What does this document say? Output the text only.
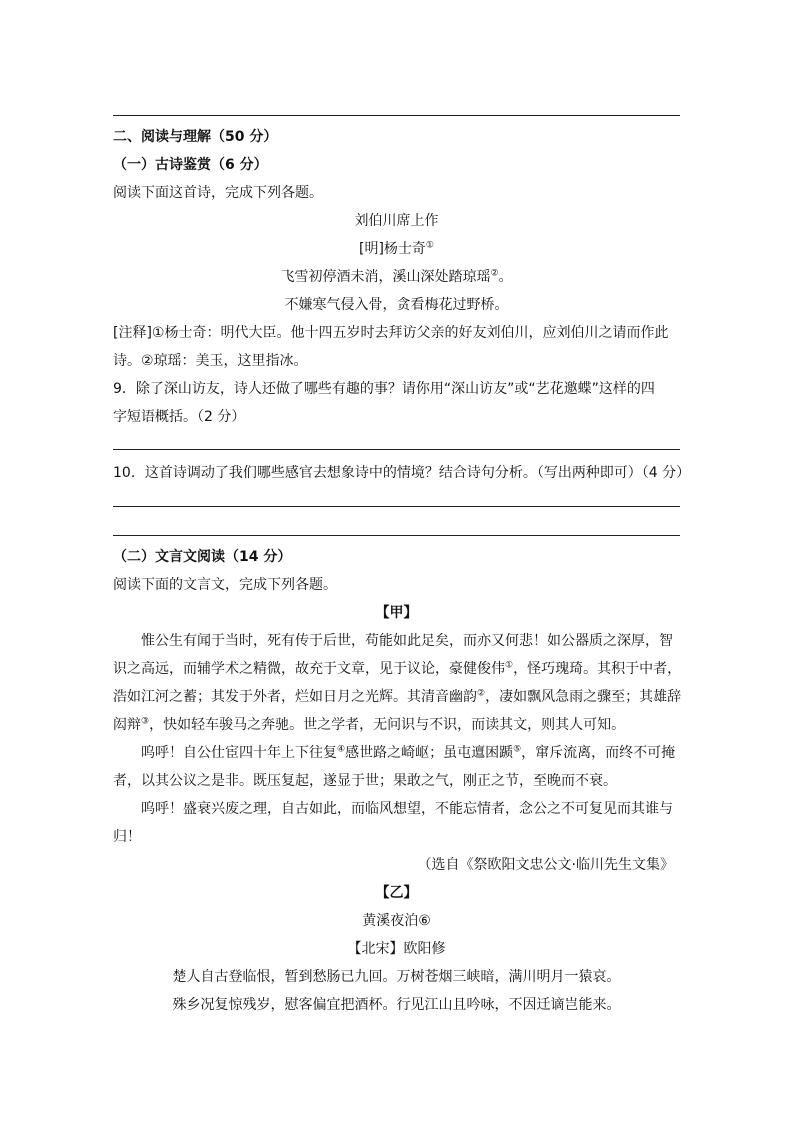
二、阅读与理解（50 分）
（一）古诗鉴赏（6 分）
阅读下面这首诗，完成下列各题。
刘伯川席上作
[明]杨士奇①
飞雪初停酒未消，溪山深处踏琼瑶②。
不嫌寒气侵入骨，贪看梅花过野桥。
[注释]①杨士奇：明代大臣。他十四五岁时去拜访父亲的好友刘伯川，应刘伯川之请而作此
诗。②琼瑶：美玉，这里指冰。
9．除了深山访友，诗人还做了哪些有趣的事？请你用“深山访友”或“艺花邀蝶”这样的四
字短语概括。（2 分）
10．这首诗调动了我们哪些感官去想象诗中的情境？结合诗句分析。（写出两种即可）（4 分）
（二）文言文阅读（14 分）
阅读下面的文言文，完成下列各题。
【甲】
惟公生有闻于当时，死有传于后世，苟能如此足矣，而亦又何悲！如公器质之深厚，智
识之高远，而辅学术之精微，故充于文章，见于议论，豪健俊伟①，怪巧瑰琦。其积于中者，
浩如江河之蓄；其发于外者，烂如日月之光辉。其清音幽韵②，凄如飘风急雨之骤至；其雄辞
闳辩③，快如轻车骏马之奔驰。世之学者，无问识与不识，而读其文，则其人可知。
呜呼！自公仕宦四十年上下往复④感世路之崎岖；虽屯邅困踬⑤，窜斥流离，而终不可掩
者，以其公议之是非。既压复起，遂显于世；果敢之气，刚正之节，至晚而不衰。
呜呼！盛衰兴废之理，自古如此，而临风想望，不能忘情者，念公之不可复见而其谁与
归！
（选自《祭欧阳文忠公文·临川先生文集》
【乙】
黄溪夜泊⑥
【北宋】欧阳修
楚人自古登临恨，暂到愁肠已九回。万树苍烟三峡暗，满川明月一猿哀。
殊乡况复惊残岁，慰客偏宜把酒杯。行见江山且吟咏，不因迁谪岂能来。
